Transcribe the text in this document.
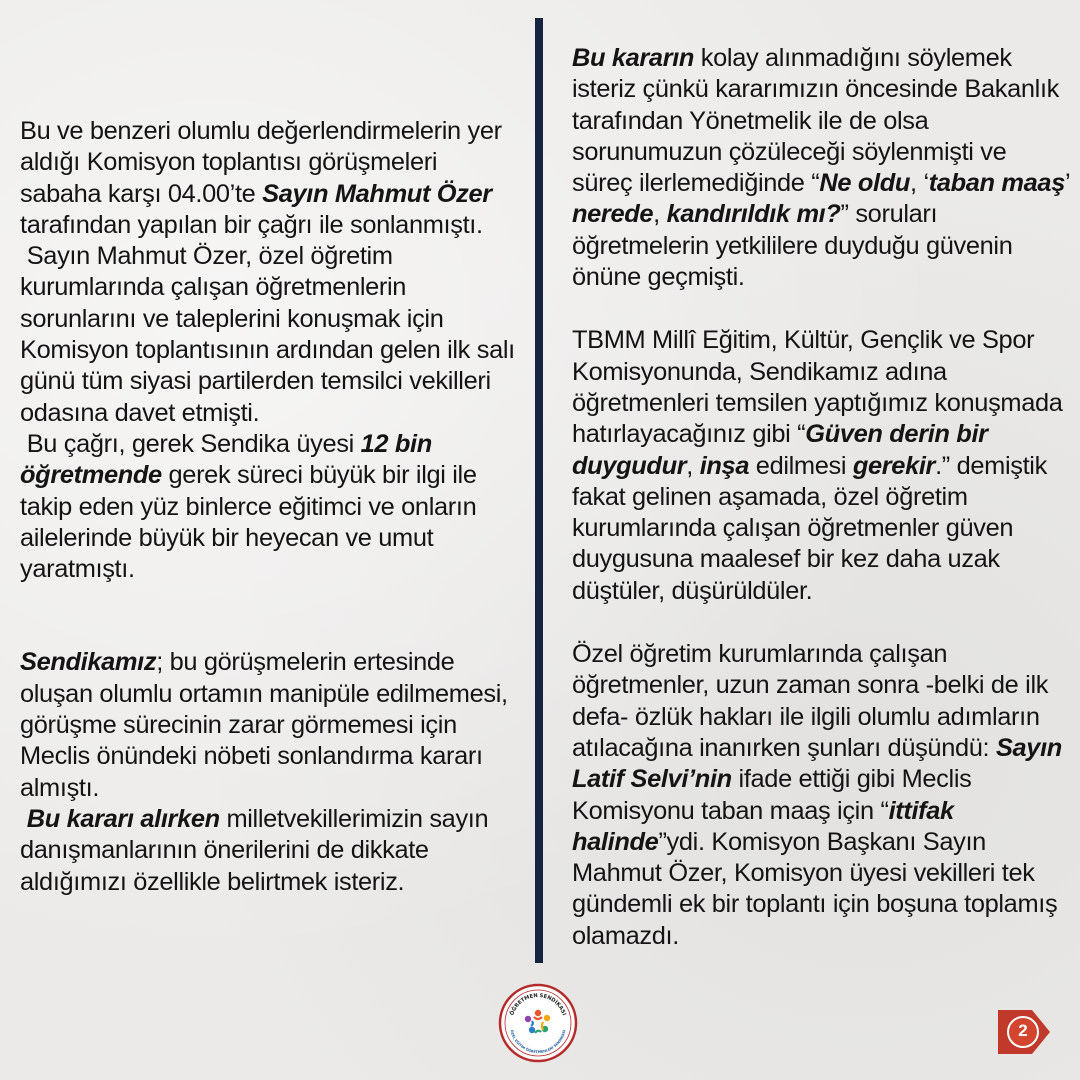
Bu ve benzeri olumlu değerlendirmelerin yer aldığı Komisyon toplantısı görüşmeleri sabaha karşı 04.00’te Sayın Mahmut Özer tarafından yapılan bir çağrı ile sonlanmıştı.

Sayın Mahmut Özer, özel öğretim kurumlarında çalışan öğretmenlerin sorunlarını ve taleplerini konuşmak için Komisyon toplantısının ardından gelen ilk salı günü tüm siyasi partilerden temsilci vekilleri odasına davet etmişti.

Bu çağrı, gerek Sendika üyesi 12 bin öğretmende gerek süreci büyük bir ilgi ile takip eden yüz binlerce eğitimci ve onların ailelerinde büyük bir heyecan ve umut yaratmıştı.

Sendikamız; bu görüşmelerin ertesinde oluşan olumlu ortamın manipüle edilmemesi, görüşme sürecinin zarar görmemesi için Meclis önündeki nöbeti sonlandırma kararı almıştı.

Bu kararı alırken milletvekillerimizin sayın danışmanlarının önerilerini de dikkate aldığımızı özellikle belirtmek isteriz.

Bu kararın kolay alınmadığını söylemek isteriz çünkü kararımızın öncesinde Bakanlık tarafından Yönetmelik ile de olsa sorunumuzun çözüleceği söylenmişti ve süreç ilerlemediğinde “Ne oldu, ‘taban maaş’ nerede, kandırıldık mı?” soruları öğretmelerin yetkililere duyduğu güvenin önüne geçmişti.

TBMM Millî Eğitim, Kültür, Gençlik ve Spor Komisyonunda, Sendikamız adına öğretmenleri temsilen yaptığımız konuşmada hatırlayacağınız gibi “Güven derin bir duygudur, inşa edilmesi gerekir.” demiştik fakat gelinen aşamada, özel öğretim kurumlarında çalışan öğretmenler güven duygusuna maalesef bir kez daha uzak düştüler, düşürüldüler.

Özel öğretim kurumlarında çalışan öğretmenler, uzun zaman sonra -belki de ilk defa- özlük hakları ile ilgili olumlu adımların atılacağına inanırken şunları düşündü: Sayın Latif Selvi’nin ifade ettiği gibi Meclis Komisyonu taban maaş için “ittifak halinde”ydi. Komisyon Başkanı Sayın Mahmut Özer, Komisyon üyesi vekilleri tek gündemli ek bir toplantı için boşuna toplamış olamazdı.

ÖĞRETMEN SENDİKASI
ÖZEL EĞİTİM ÖĞRETMENLERİ SENDİKASI	2
